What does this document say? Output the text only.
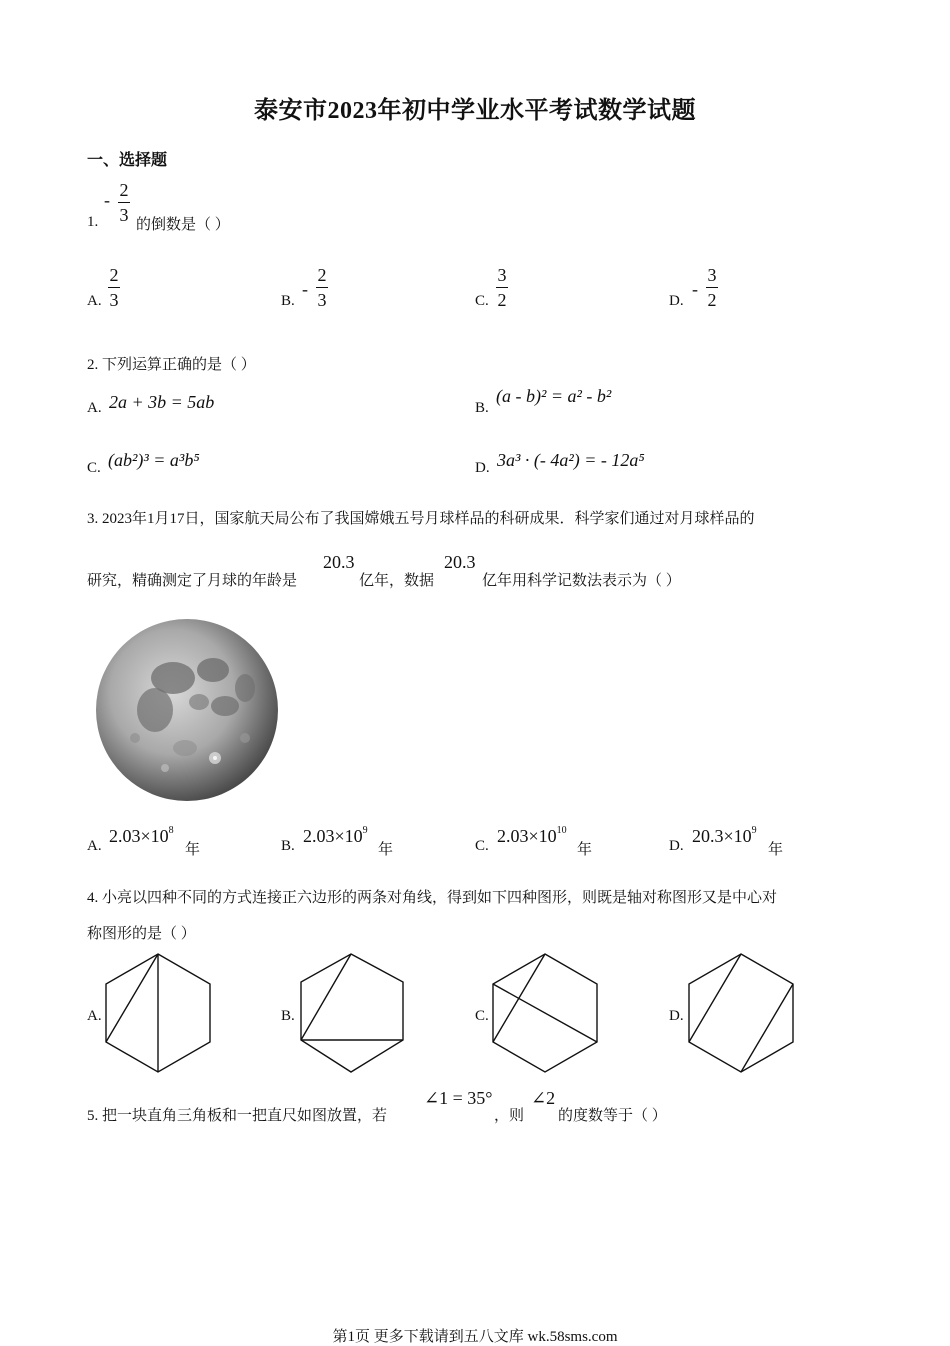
泰安市2023年初中学业水平考试数学试题
一、选择题
1.
- 2
3 的倒数是（ ）
A.
2
3	B.
-
2
3	C.
3
2	D.
-
3
2
2. 下列运算正确的是（ ）
A. 2a + 3b = 5ab	B.
(a - b)² = a² - b²
C. (ab²)³ = a³b⁵	D. 3a³ · (- 4a²) = - 12a⁵
3. 2023年1月17日，国家航天局公布了我国嫦娥五号月球样品的科研成果．科学家们通过对月球样品的
研究，精确测定了月球的年龄是
20.3
亿年，数据
20.3
亿年用科学记数法表示为（ ）
A. $2.03\times 10^8$
年	B. $2.03\times 10^9$
年	C. $2.03\times 10^{10}$
年	D. $20.3\times 10^9$
年
4. 小亮以四种不同的方式连接正六边形的两条对角线，得到如下四种图形，则既是轴对称图形又是中心对
称图形的是（ ）
A.	B.	C.	D.
5. 把一块直角三角板和一把直尺如图放置，若
∠1 = 35°
，则
∠2
的度数等于（ ）
第1页 更多下载请到五八文库 wk.58sms.com
